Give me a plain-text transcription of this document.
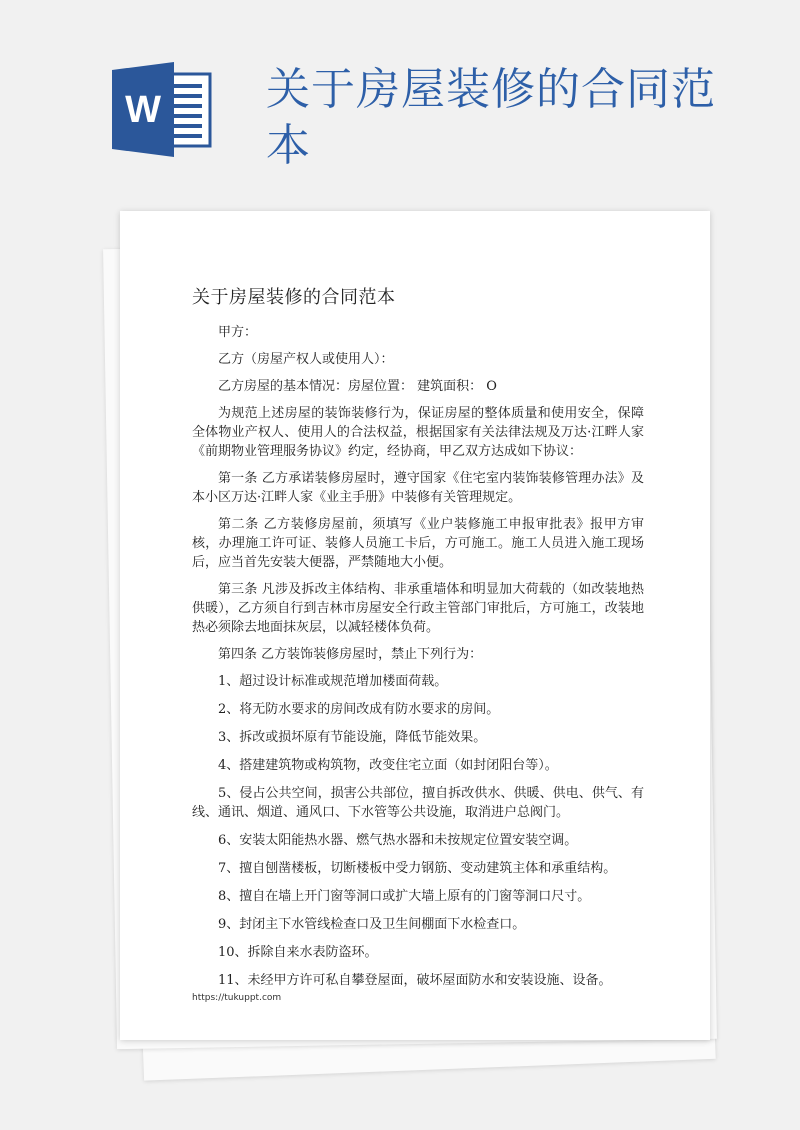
W 关于房屋装修的合同范本
关于房屋装修的合同范本

甲方：

乙方（房屋产权人或使用人）：

乙方房屋的基本情况：房屋位置： 建筑面积： O

为规范上述房屋的装饰装修行为，保证房屋的整体质量和使用安全，保障全体物业产权人、使用人的合法权益，根据国家有关法律法规及万达·江畔人家《前期物业管理服务协议》约定，经协商，甲乙双方达成如下协议：

第一条 乙方承诺装修房屋时，遵守国家《住宅室内装饰装修管理办法》及本小区万达·江畔人家《业主手册》中装修有关管理规定。

第二条 乙方装修房屋前，须填写《业户装修施工申报审批表》报甲方审核，办理施工许可证、装修人员施工卡后，方可施工。施工人员进入施工现场后，应当首先安装大便器，严禁随地大小便。

第三条 凡涉及拆改主体结构、非承重墙体和明显加大荷载的（如改装地热供暖），乙方须自行到吉林市房屋安全行政主管部门审批后，方可施工，改装地热必须除去地面抹灰层，以减轻楼体负荷。

第四条 乙方装饰装修房屋时，禁止下列行为：

1、超过设计标准或规范增加楼面荷载。

2、将无防水要求的房间改成有防水要求的房间。

3、拆改或损坏原有节能设施，降低节能效果。

4、搭建建筑物或构筑物，改变住宅立面（如封闭阳台等）。

5、侵占公共空间，损害公共部位，擅自拆改供水、供暖、供电、供气、有线、通讯、烟道、通风口、下水管等公共设施，取消进户总阀门。

6、安装太阳能热水器、燃气热水器和未按规定位置安装空调。

7、擅自刨凿楼板，切断楼板中受力钢筋、变动建筑主体和承重结构。

8、擅自在墙上开门窗等洞口或扩大墙上原有的门窗等洞口尺寸。

9、封闭主下水管线检查口及卫生间棚面下水检查口。

10、拆除自来水表防盗环。

11、未经甲方许可私自攀登屋面，破坏屋面防水和安装设施、设备。

https://tukuppt.com
